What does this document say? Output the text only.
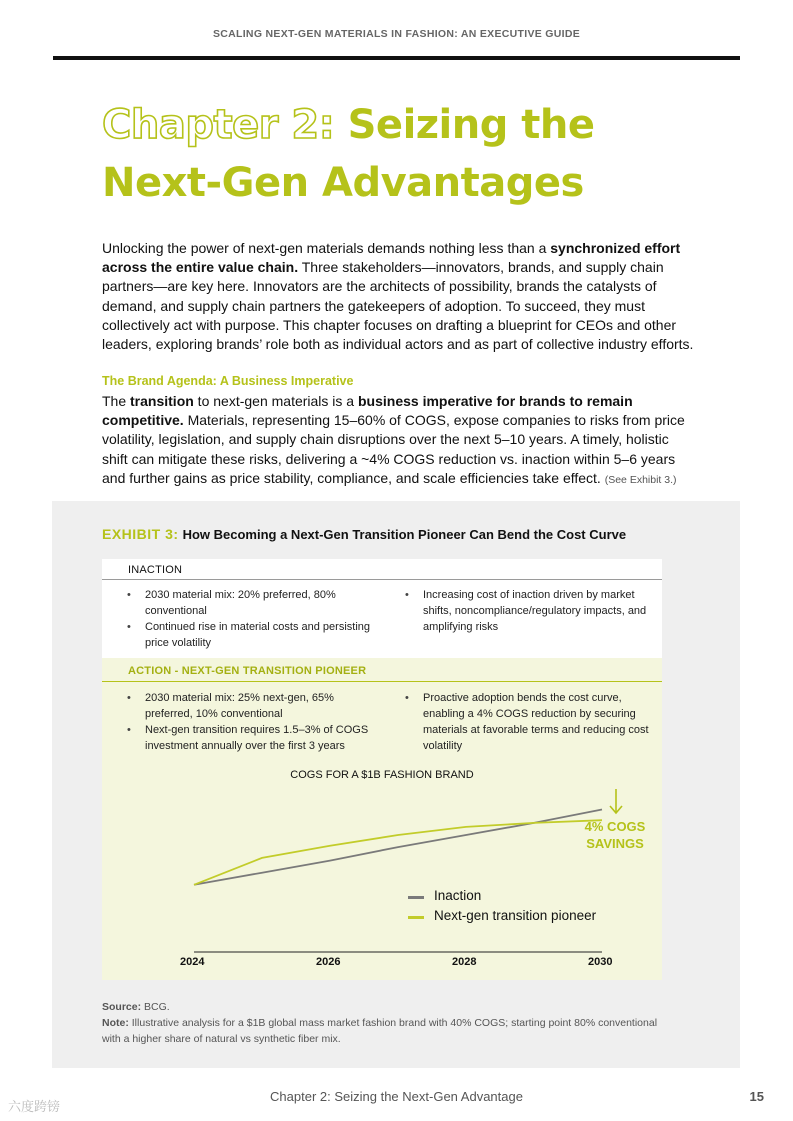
SCALING NEXT-GEN MATERIALS IN FASHION: AN EXECUTIVE GUIDE
Chapter 2: Seizing the Next-Gen Advantages
Unlocking the power of next-gen materials demands nothing less than a synchronized effort across the entire value chain. Three stakeholders—innovators, brands, and supply chain partners—are key here. Innovators are the architects of possibility, brands the catalysts of demand, and supply chain partners the gatekeepers of adoption. To succeed, they must collectively act with purpose. This chapter focuses on drafting a blueprint for CEOs and other leaders, exploring brands’ role both as individual actors and as part of collective industry efforts.
The Brand Agenda: A Business Imperative
The transition to next-gen materials is a business imperative for brands to remain competitive. Materials, representing 15–60% of COGS, expose companies to risks from price volatility, legislation, and supply chain disruptions over the next 5–10 years. A timely, holistic shift can mitigate these risks, delivering a ~4% COGS reduction vs. inaction within 5–6 years and further gains as price stability, compliance, and scale efficiencies take effect. (See Exhibit 3.)
EXHIBIT 3: How Becoming a Next-Gen Transition Pioneer Can Bend the Cost Curve
INACTION
• 2030 material mix: 20% preferred, 80% conventional
• Continued rise in material costs and persisting price volatility
• Increasing cost of inaction driven by market shifts, noncompliance/regulatory impacts, and amplifying risks
ACTION - NEXT-GEN TRANSITION PIONEER
• 2030 material mix: 25% next-gen, 65% preferred, 10% conventional
• Next-gen transition requires 1.5–3% of COGS investment annually over the first 3 years
• Proactive adoption bends the cost curve, enabling a 4% COGS reduction by securing materials at favorable terms and reducing cost volatility
COGS FOR A $1B FASHION BRAND
4% COGS SAVINGS
Inaction
Next-gen transition pioneer
2024	2026	2028	2030
Source: BCG.
Note: Illustrative analysis for a $1B global mass market fashion brand with 40% COGS; starting point 80% conventional with a higher share of natural vs synthetic fiber mix.
Chapter 2: Seizing the Next-Gen Advantage	15
六度跨镑
